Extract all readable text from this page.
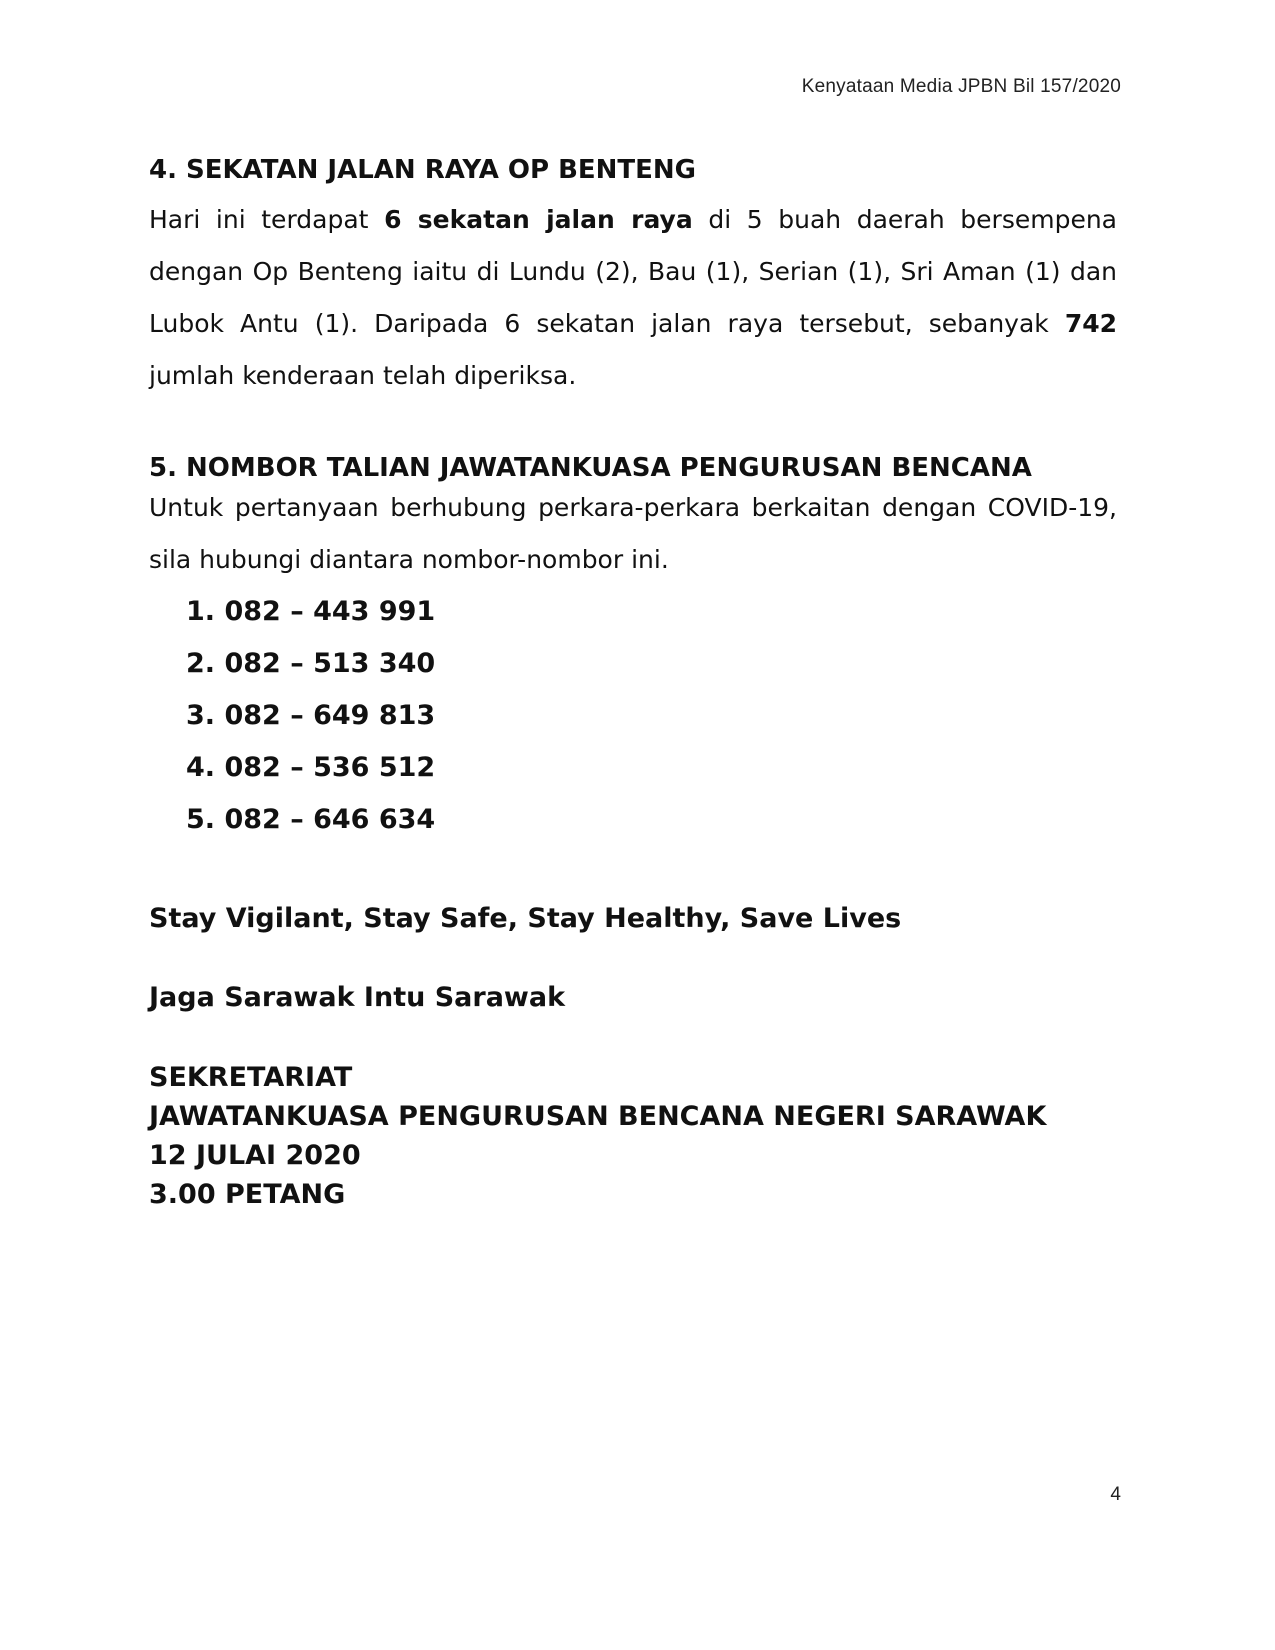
Kenyataan Media JPBN Bil 157/2020
4. SEKATAN JALAN RAYA OP BENTENG

Hari ini terdapat 6 sekatan jalan raya di 5 buah daerah bersempena dengan Op Benteng iaitu di Lundu (2), Bau (1), Serian (1), Sri Aman (1) dan Lubok Antu (1). Daripada 6 sekatan jalan raya tersebut, sebanyak 742 jumlah kenderaan telah diperiksa.

5. NOMBOR TALIAN JAWATANKUASA PENGURUSAN BENCANA

Untuk pertanyaan berhubung perkara-perkara berkaitan dengan COVID-19, sila hubungi diantara nombor-nombor ini.

1. 082 – 443 991
2. 082 – 513 340
3. 082 – 649 813
4. 082 – 536 512
5. 082 – 646 634

Stay Vigilant, Stay Safe, Stay Healthy, Save Lives

Jaga Sarawak Intu Sarawak

SEKRETARIAT
JAWATANKUASA PENGURUSAN BENCANA NEGERI SARAWAK
12 JULAI 2020
3.00 PETANG
4
